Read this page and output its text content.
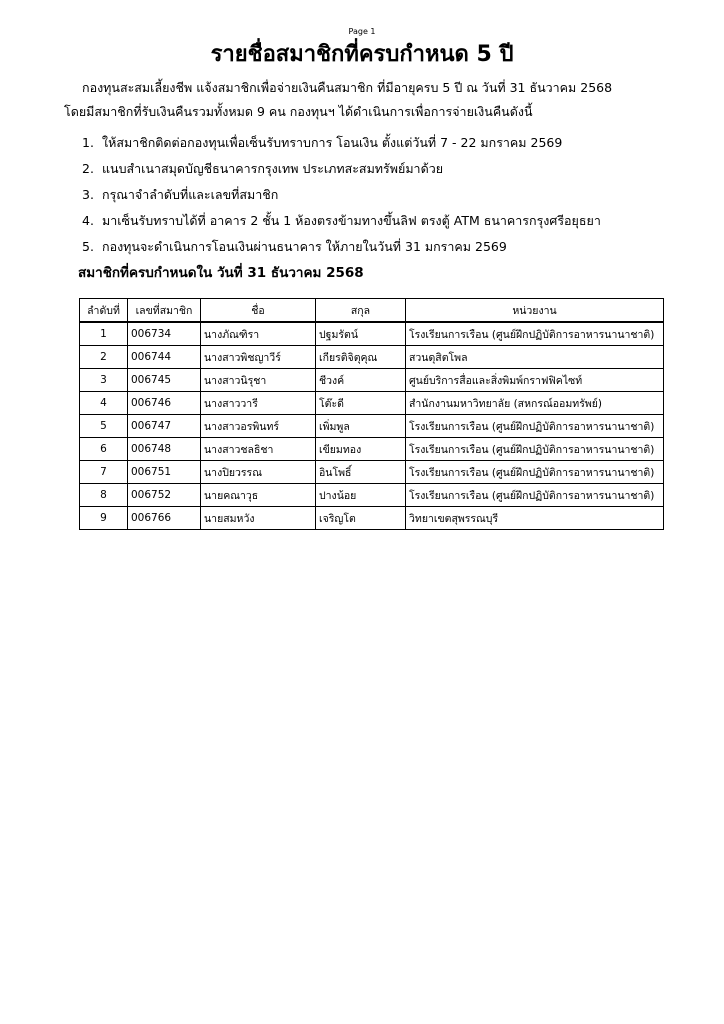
Page 1
รายชื่อสมาชิกที่ครบกำหนด 5 ปี
กองทุนสะสมเลี้ยงชีพ แจ้งสมาชิกเพื่อจ่ายเงินคืนสมาชิก ที่มีอายุครบ 5 ปี ณ วันที่ 31 ธันวาคม 2568
โดยมีสมาชิกที่รับเงินคืนรวมทั้งหมด 9 คน กองทุนฯ ได้ดำเนินการเพื่อการจ่ายเงินคืนดังนี้
1. ให้สมาชิกติดต่อกองทุนเพื่อเซ็นรับทราบการ โอนเงิน ตั้งแต่วันที่ 7 - 22 มกราคม 2569
2. แนบสำเนาสมุดบัญชีธนาคารกรุงเทพ ประเภทสะสมทรัพย์มาด้วย
3. กรุณาจำลำดับที่และเลขที่สมาชิก
4. มาเซ็นรับทราบได้ที่ อาคาร 2 ชั้น 1 ห้องตรงข้ามทางขึ้นลิฟ ตรงตู้ ATM ธนาคารกรุงศรีอยุธยา
5. กองทุนจะดำเนินการโอนเงินผ่านธนาคาร ให้ภายในวันที่ 31 มกราคม 2569
สมาชิกที่ครบกำหนดใน วันที่ 31 ธันวาคม 2568
ลำดับที่	เลขที่สมาชิก	ชื่อ	สกุล	หน่วยงาน
1	006734	นางภัณฑิรา	ปฐมรัตน์	โรงเรียนการเรือน (ศูนย์ฝึกปฏิบัติการอาหารนานาชาติ)
2	006744	นางสาวพิชญาวีร์	เกียรติจิตุคุณ	สวนดุสิตโพล
3	006745	นางสาวนิรุชา	ชีวงค์	ศูนย์บริการสื่อและสิ่งพิมพ์กราฟฟิคไซท์
4	006746	นางสาววารี	โต๊ะดี	สำนักงานมหาวิทยาลัย (สหกรณ์ออมทรัพย์)
5	006747	นางสาวอรพินทร์	เพิ่มพูล	โรงเรียนการเรือน (ศูนย์ฝึกปฏิบัติการอาหารนานาชาติ)
6	006748	นางสาวชลธิชา	เขียมทอง	โรงเรียนการเรือน (ศูนย์ฝึกปฏิบัติการอาหารนานาชาติ)
7	006751	นางปิยวรรณ	อินโพธิ์	โรงเรียนการเรือน (ศูนย์ฝึกปฏิบัติการอาหารนานาชาติ)
8	006752	นายคณาวุธ	ปางน้อย	โรงเรียนการเรือน (ศูนย์ฝึกปฏิบัติการอาหารนานาชาติ)
9	006766	นายสมหวัง	เจริญโต	วิทยาเขตสุพรรณบุรี
